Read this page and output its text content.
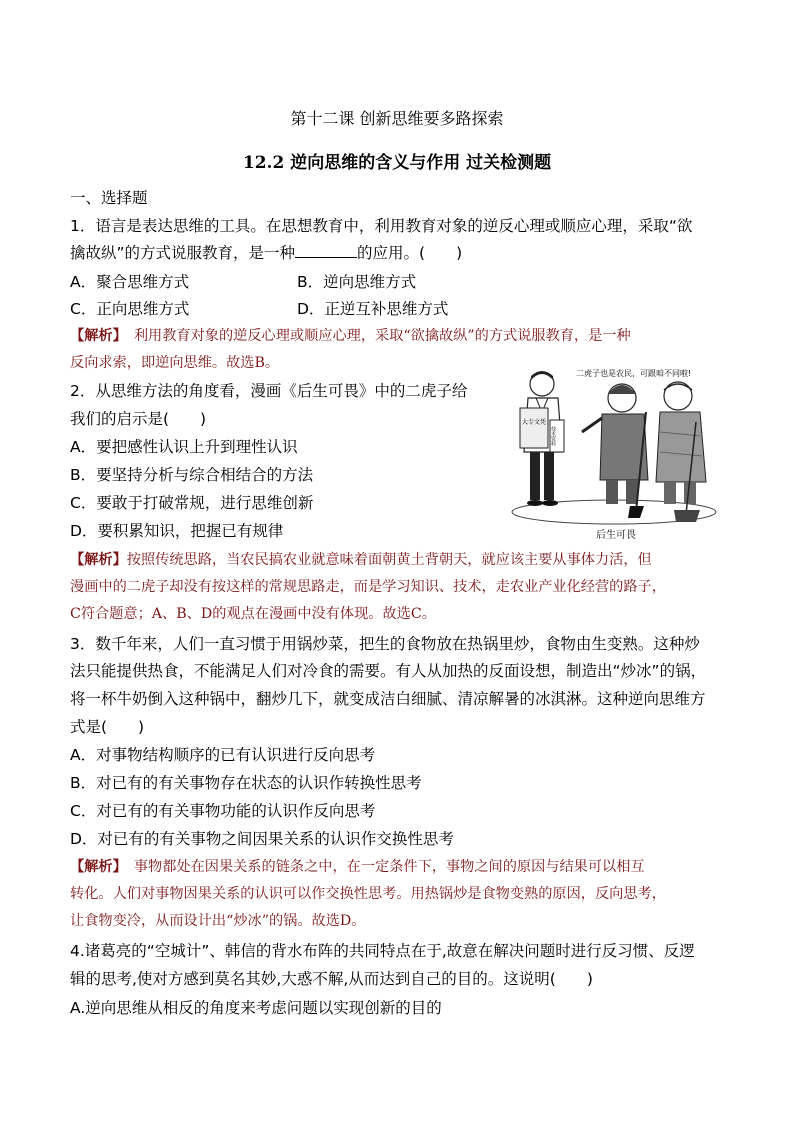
第十二课 创新思维要多路探索
12.2 逆向思维的含义与作用 过关检测题
一、选择题
1．语言是表达思维的工具。在思想教育中，利用教育对象的逆反心理或顺应心理，采取“欲
擒故纵”的方式说服教育，是一种	的应用。(　　)
A．聚合思维方式	B．逆向思维方式
C．正向思维方式	D．正逆互补思维方式
【解析】　利用教育对象的逆反心理或顺应心理，采取“欲擒故纵”的方式说服教育，是一种
反向求索，即逆向思维。故选B。
2．从思维方法的角度看，漫画《后生可畏》中的二虎子给
我们的启示是(　　)
A．要把感性认识上升到理性认识
B．要坚持分析与综合相结合的方法
C．要敢于打破常规，进行思维创新
D．要积累知识，把握已有规律
二虎子也是农民，可跟咱不同啦!
大专文凭
技术资料
后生可畏
【解析】按照传统思路，当农民搞农业就意味着面朝黄土背朝天，就应该主要从事体力活，但
漫画中的二虎子却没有按这样的常规思路走，而是学习知识、技术，走农业产业化经营的路子，
C符合题意；A、B、D的观点在漫画中没有体现。故选C。
3．数千年来，人们一直习惯于用锅炒菜，把生的食物放在热锅里炒，食物由生变熟。这种炒
法只能提供热食，不能满足人们对冷食的需要。有人从加热的反面设想，制造出“炒冰”的锅，
将一杯牛奶倒入这种锅中，翻炒几下，就变成洁白细腻、清凉解暑的冰淇淋。这种逆向思维方
式是(　　)
A．对事物结构顺序的已有认识进行反向思考
B．对已有的有关事物存在状态的认识作转换性思考
C．对已有的有关事物功能的认识作反向思考
D．对已有的有关事物之间因果关系的认识作交换性思考
【解析】　事物都处在因果关系的链条之中，在一定条件下，事物之间的原因与结果可以相互
转化。人们对事物因果关系的认识可以作交换性思考。用热锅炒是食物变熟的原因，反向思考，
让食物变冷，从而设计出“炒冰”的锅。故选D。
4.诸葛亮的“空城计”、韩信的背水布阵的共同特点在于,故意在解决问题时进行反习惯、反逻
辑的思考,使对方感到莫名其妙,大惑不解,从而达到自己的目的。这说明(　　)
A.逆向思维从相反的角度来考虑问题以实现创新的目的
